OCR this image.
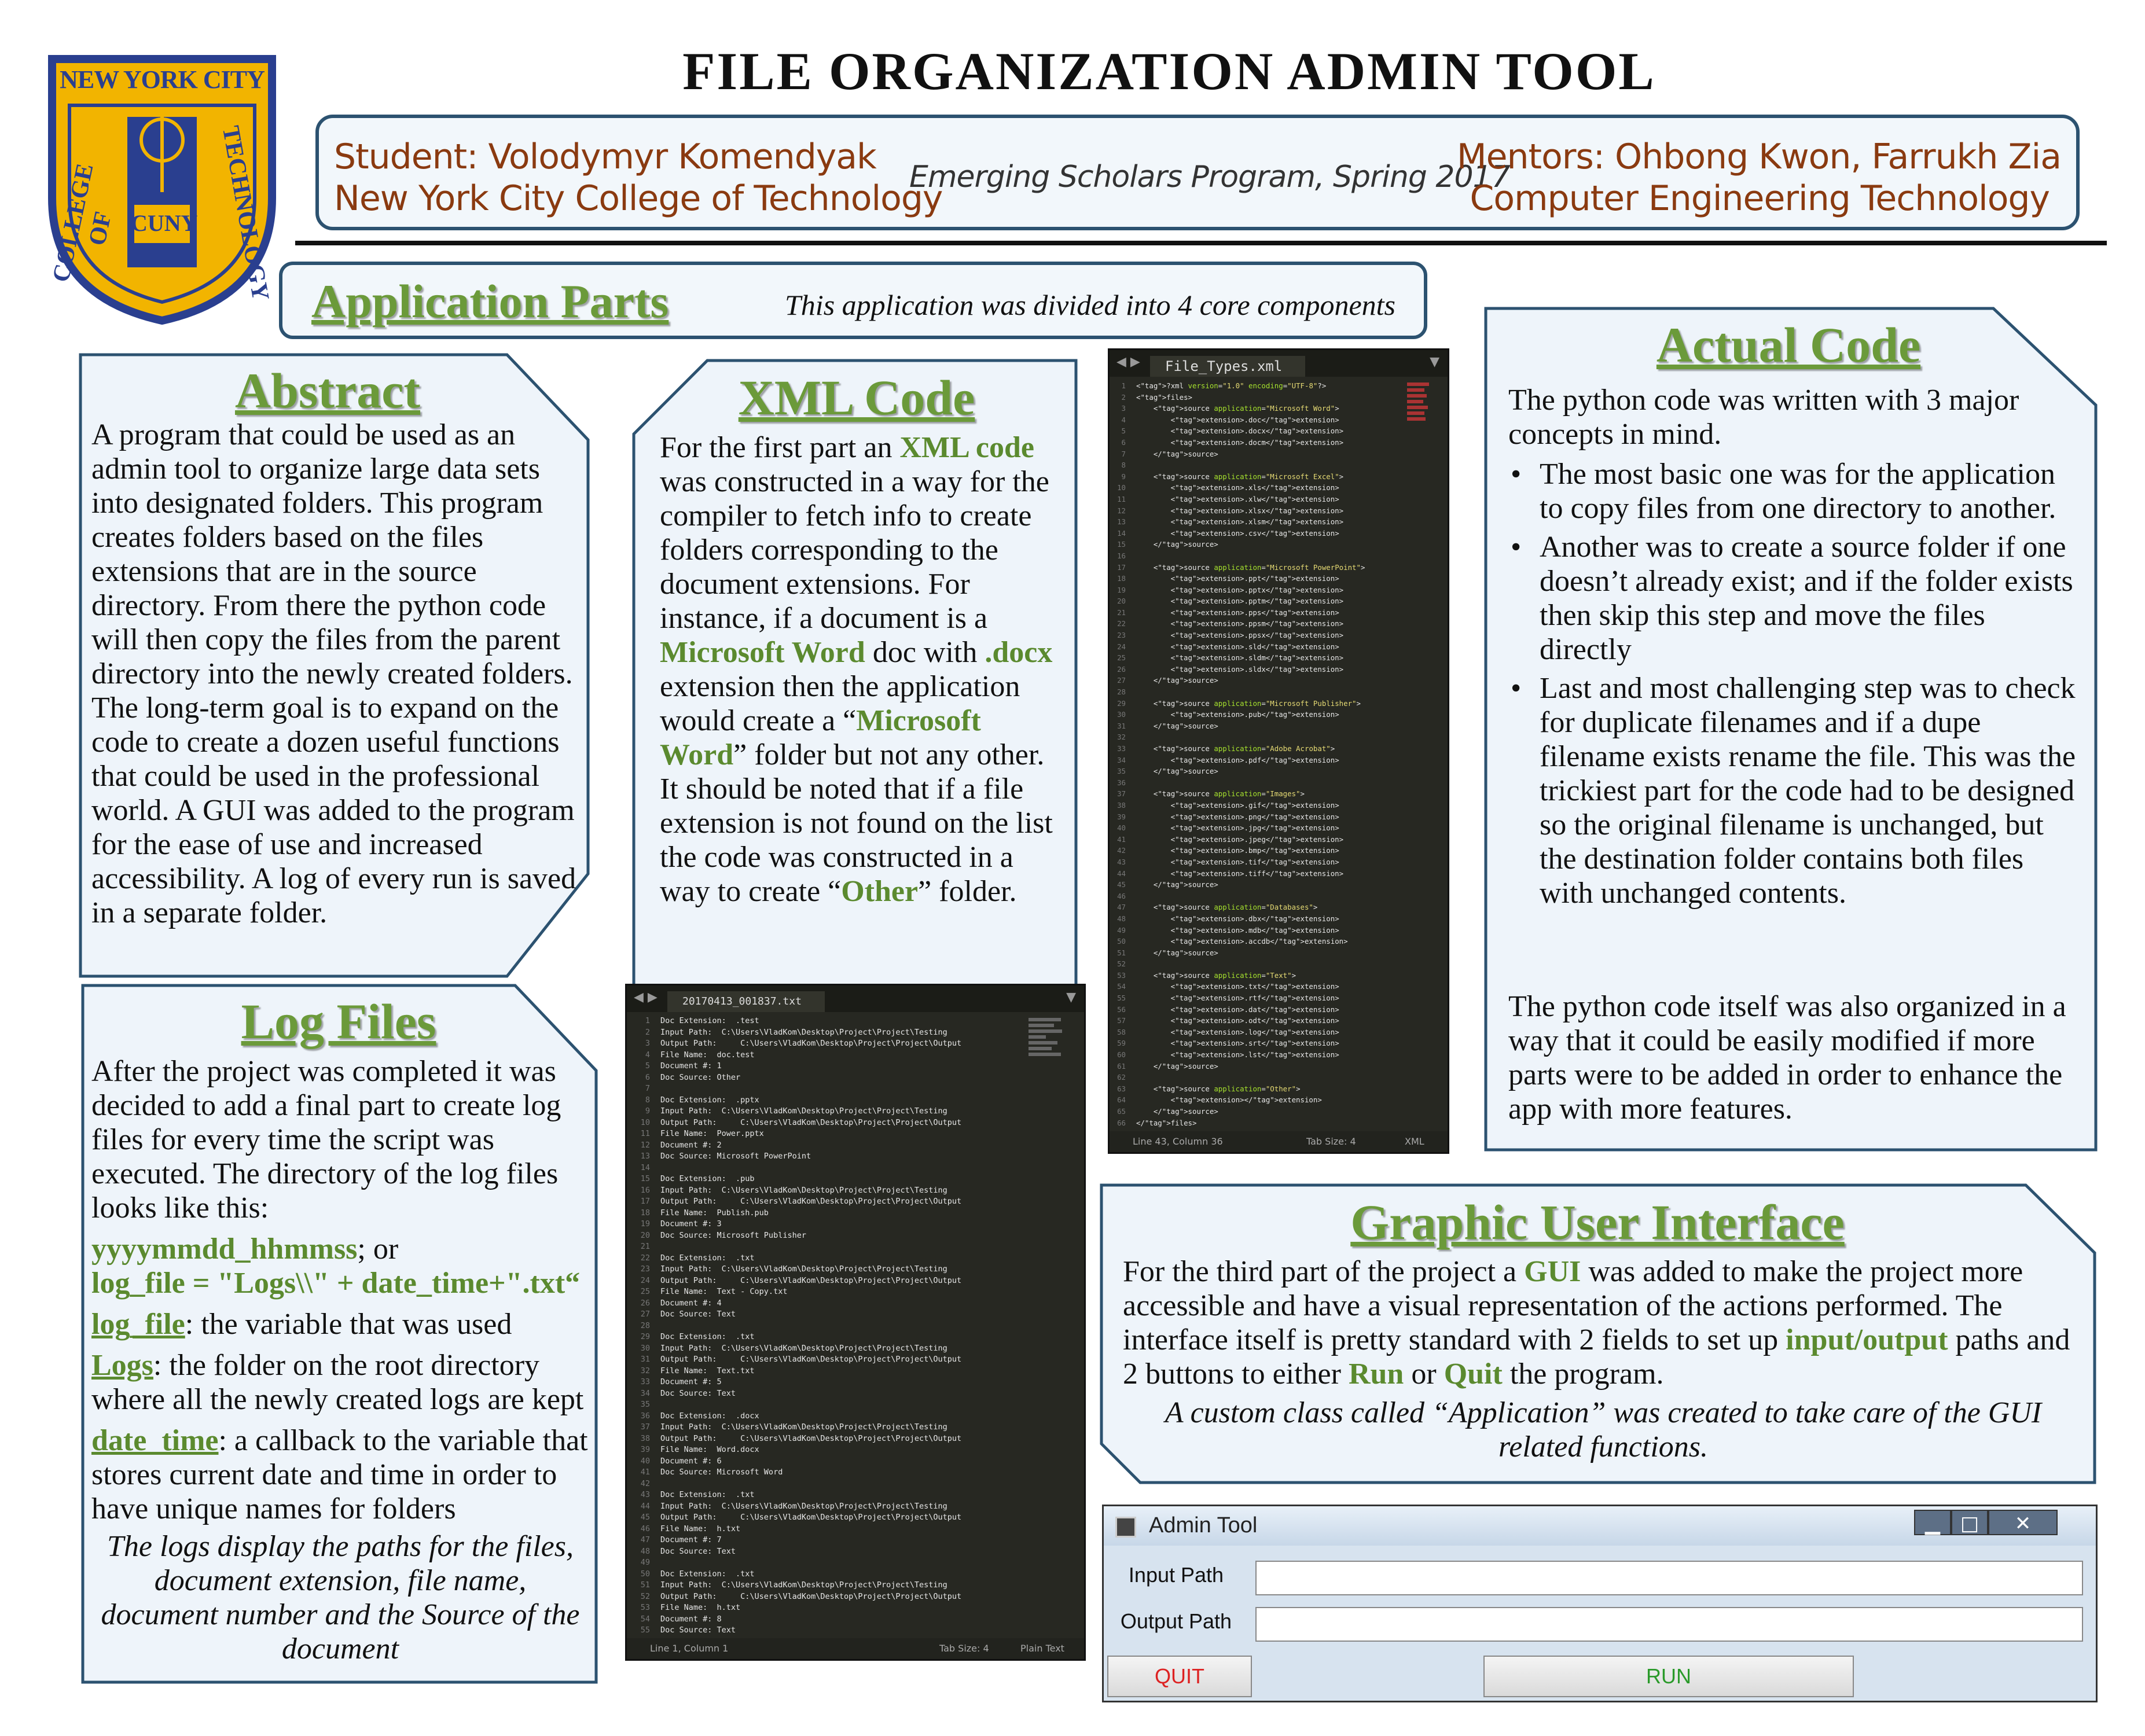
NEW YORK CITY
CUNY
COLLEGE OF	TECHNOLOGY
FILE ORGANIZATION ADMIN TOOL
Student: Volodymyr Komendyak
New York City College of Technology
Emerging Scholars Program, Spring 2017
Mentors: Ohbong Kwon, Farrukh Zia
Computer Engineering Technology
Application Parts	This application was divided into 4 core components
Abstract
A program that could be used as an admin tool to organize large data sets into designated folders. This program creates folders based on the files extensions that are in the source directory. From there the python code will then copy the files from the parent directory into the newly created folders. The long-term goal is to expand on the code to create a dozen useful functions that could be used in the professional world. A GUI was added to the program for the ease of use and increased accessibility. A log of every run is saved in a separate folder.
XML Code
For the first part an XML code was constructed in a way for the compiler to fetch info to create folders corresponding to the document extensions. For instance, if a document is a Microsoft Word doc with .docx extension then the application would create a “Microsoft Word” folder but not any other. It should be noted that if a file extension is not found on the list the code was constructed in a way to create “Other” folder.
◀ ▶	File_Types.xml	▼
1 <"tag">?xml version="1.0" encoding="UTF-8"?>
2 <"tag">files>
3    <"tag">source application="Microsoft Word">
4        <"tag">extension>.doc</"tag">extension>
5        <"tag">extension>.docx</"tag">extension>
6        <"tag">extension>.docm</"tag">extension>
7    </"tag">source>
8
9    <"tag">source application="Microsoft Excel">
10        <"tag">extension>.xls</"tag">extension>
11        <"tag">extension>.xlw</"tag">extension>
12        <"tag">extension>.xlsx</"tag">extension>
13        <"tag">extension>.xlsm</"tag">extension>
14        <"tag">extension>.csv</"tag">extension>
15    </"tag">source>
16
17    <"tag">source application="Microsoft PowerPoint">
18        <"tag">extension>.ppt</"tag">extension>
19        <"tag">extension>.pptx</"tag">extension>
20        <"tag">extension>.pptm</"tag">extension>
21        <"tag">extension>.pps</"tag">extension>
22        <"tag">extension>.ppsm</"tag">extension>
23        <"tag">extension>.ppsx</"tag">extension>
24        <"tag">extension>.sld</"tag">extension>
25        <"tag">extension>.sldm</"tag">extension>
26        <"tag">extension>.sldx</"tag">extension>
27    </"tag">source>
28
29    <"tag">source application="Microsoft Publisher">
30        <"tag">extension>.pub</"tag">extension>
31    </"tag">source>
32
33    <"tag">source application="Adobe Acrobat">
34        <"tag">extension>.pdf</"tag">extension>
35    </"tag">source>
36
37    <"tag">source application="Images">
38        <"tag">extension>.gif</"tag">extension>
39        <"tag">extension>.png</"tag">extension>
40        <"tag">extension>.jpg</"tag">extension>
41        <"tag">extension>.jpeg</"tag">extension>
42        <"tag">extension>.bmp</"tag">extension>
43        <"tag">extension>.tif</"tag">extension>
44        <"tag">extension>.tiff</"tag">extension>
45    </"tag">source>
46
47    <"tag">source application="Databases">
48        <"tag">extension>.dbx</"tag">extension>
49        <"tag">extension>.mdb</"tag">extension>
50        <"tag">extension>.accdb</"tag">extension>
51    </"tag">source>
52
53    <"tag">source application="Text">
54        <"tag">extension>.txt</"tag">extension>
55        <"tag">extension>.rtf</"tag">extension>
56        <"tag">extension>.dat</"tag">extension>
57        <"tag">extension>.odt</"tag">extension>
58        <"tag">extension>.log</"tag">extension>
59        <"tag">extension>.srt</"tag">extension>
60        <"tag">extension>.lst</"tag">extension>
61    </"tag">source>
62
63    <"tag">source application="Other">
64        <"tag">extension></"tag">extension>
65    </"tag">source>
66 </"tag">files>
Line 43, Column 36	Tab Size: 4	XML
Actual Code
The python code was written with 3 major concepts in mind.
• The most basic one was for the application to copy files from one directory to another.
• Another was to create a source folder if one doesn’t already exist; and if the folder exists then skip this step and move the files directly
• Last and most challenging step was to check for duplicate filenames and if a dupe filename exists rename the file. This was the trickiest part for the code had to be designed so the original filename is unchanged, but the destination folder contains both files with unchanged contents.
The python code itself was also organized in a way that it could be easily modified if more parts were to be added in order to enhance the app with more features.
Log Files
After the project was completed it was decided to add a final part to create log files for every time the script was executed. The directory of the log files looks like this:
yyyymmdd_hhmmss; or
log_file = "Logs\\" + date_time+".txt“
log_file: the variable that was used
Logs: the folder on the root directory where all the newly created logs are kept
date_time: a callback to the variable that stores current date and time in order to have unique names for folders
The logs display the paths for the files, document extension, file name, document number and the Source of the document
◀ ▶	20170413_001837.txt	▼
1 Doc Extension:  .test
2 Input Path:  C:\Users\VladKom\Desktop\Project\Project\Testing
3 Output Path:     C:\Users\VladKom\Desktop\Project\Project\Output
4 File Name:  doc.test
5 Document #: 1
6 Doc Source: Other
7
8 Doc Extension:  .pptx
9 Input Path:  C:\Users\VladKom\Desktop\Project\Project\Testing
10 Output Path:     C:\Users\VladKom\Desktop\Project\Project\Output
11 File Name:  Power.pptx
12 Document #: 2
13 Doc Source: Microsoft PowerPoint
14
15 Doc Extension:  .pub
16 Input Path:  C:\Users\VladKom\Desktop\Project\Project\Testing
17 Output Path:     C:\Users\VladKom\Desktop\Project\Project\Output
18 File Name:  Publish.pub
19 Document #: 3
20 Doc Source: Microsoft Publisher
21
22 Doc Extension:  .txt
23 Input Path:  C:\Users\VladKom\Desktop\Project\Project\Testing
24 Output Path:     C:\Users\VladKom\Desktop\Project\Project\Output
25 File Name:  Text - Copy.txt
26 Document #: 4
27 Doc Source: Text
28
29 Doc Extension:  .txt
30 Input Path:  C:\Users\VladKom\Desktop\Project\Project\Testing
31 Output Path:     C:\Users\VladKom\Desktop\Project\Project\Output
32 File Name:  Text.txt
33 Document #: 5
34 Doc Source: Text
35
36 Doc Extension:  .docx
37 Input Path:  C:\Users\VladKom\Desktop\Project\Project\Testing
38 Output Path:     C:\Users\VladKom\Desktop\Project\Project\Output
39 File Name:  Word.docx
40 Document #: 6
41 Doc Source: Microsoft Word
42
43 Doc Extension:  .txt
44 Input Path:  C:\Users\VladKom\Desktop\Project\Project\Testing
45 Output Path:     C:\Users\VladKom\Desktop\Project\Project\Output
46 File Name:  h.txt
47 Document #: 7
48 Doc Source: Text
49
50 Doc Extension:  .txt
51 Input Path:  C:\Users\VladKom\Desktop\Project\Project\Testing
52 Output Path:     C:\Users\VladKom\Desktop\Project\Project\Output
53 File Name:  h.txt
54 Document #: 8
55 Doc Source: Text
Line 1, Column 1	Tab Size: 4	Plain Text
Graphic User Interface
For the third part of the project a GUI was added to make the project more accessible and have a visual representation of the actions performed. The interface itself is pretty standard with 2 fields to set up input/output paths and 2 buttons to either Run or Quit the program.
A custom class called “Application” was created to take care of the GUI related functions.
Admin Tool	▁	□	✕
Input Path
Output Path
QUIT	RUN
